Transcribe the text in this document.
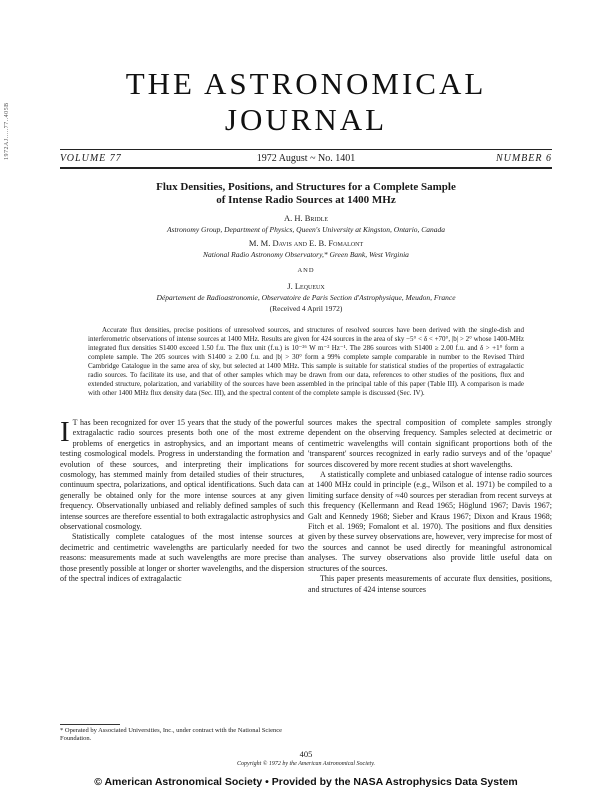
1972AJ.....77..405B
THE ASTRONOMICAL
JOURNAL
1972 August ~ No. 1401
VOLUME 77	NUMBER 6
Flux Densities, Positions, and Structures for a Complete Sample
of Intense Radio Sources at 1400 MHz
A. H. Bridle
Astronomy Group, Department of Physics, Queen's University at Kingston, Ontario, Canada
M. M. Davis and E. B. Fomalont
National Radio Astronomy Observatory,* Green Bank, West Virginia
AND
J. Lequeux
Département de Radioastronomie, Observatoire de Paris Section d'Astrophysique, Meudon, France
(Received 4 April 1972)
Accurate flux densities, precise positions of unresolved sources, and structures of resolved sources have been derived with the single-dish and interferometric observations of intense sources at 1400 MHz. Results are given for 424 sources in the area of sky −5° < δ < +70°, |b| > 2° whose 1400-MHz integrated flux densities S1400 exceed 1.50 f.u. The flux unit (f.u.) is 10⁻²⁶ W m⁻² Hz⁻¹. The 286 sources with S1400 ≥ 2.00 f.u. and δ > +1° form a complete sample. The 205 sources with S1400 ≥ 2.00 f.u. and |b| > 30° form a 99% complete sample comparable in number to the Revised Third Cambridge Catalogue in the same area of sky, but selected at 1400 MHz. This sample is suitable for statistical studies of the properties of extragalactic radio sources. To facilitate its use, and that of other samples which may be drawn from our data, references to other studies of the positions, flux and extended structure, polarization, and variability of the sources have been assembled in the principal table of this paper (Table III). A comparison is made with other 1400 MHz flux density data (Sec. III), and the spectral content of the complete sample is discussed (Sec. IV).

I T has been recognized for over 15 years that the study of the powerful extragalactic radio sources presents both one of the most extreme problems of energetics in astrophysics, and an important means of testing cosmological models. Progress in understanding the formation and evolution of these sources, and interpreting their implications for cosmology, has stemmed mainly from detailed studies of their structures, continuum spectra, polarizations, and optical identifications. Such data can generally be obtained only for the more intense sources at any given frequency. Observationally unbiased and reliably defined samples of such intense sources are therefore essential to both extragalactic astrophysics and observational cosmology.

Statistically complete catalogues of the most intense sources at decimetric and centimetric wavelengths are particularly needed for two reasons: measurements made at such wavelengths are more precise than those presently possible at longer or shorter wavelengths, and the dispersion of the spectral indices of extragalactic

sources makes the spectral composition of complete samples strongly dependent on the observing frequency. Samples selected at decimetric or centimetric wavelengths will contain significant proportions both of the 'transparent' sources recognized in early radio surveys and of the 'opaque' sources discovered by more recent studies at short wavelengths.

A statistically complete and unbiased catalogue of intense radio sources at 1400 MHz could in principle (e.g., Wilson et al. 1971) be compiled to a limiting surface density of ≈40 sources per steradian from recent surveys at this frequency (Kellermann and Read 1965; Höglund 1967; Davis 1967; Galt and Kennedy 1968; Sieber and Kraus 1967; Dixon and Kraus 1968; Fitch et al. 1969; Fomalont et al. 1970). The positions and flux densities given by these survey observations are, however, very imprecise for most of the sources and cannot be used directly for meaningful astronomical analyses. The survey observations also provide little useful data on structures of the sources.

This paper presents measurements of accurate flux densities, positions, and structures of 424 intense sources

* Operated by Associated Universities, Inc., under contract with the National Science Foundation.
405
Copyright © 1972 by the American Astronomical Society.
© American Astronomical Society • Provided by the NASA Astrophysics Data System
